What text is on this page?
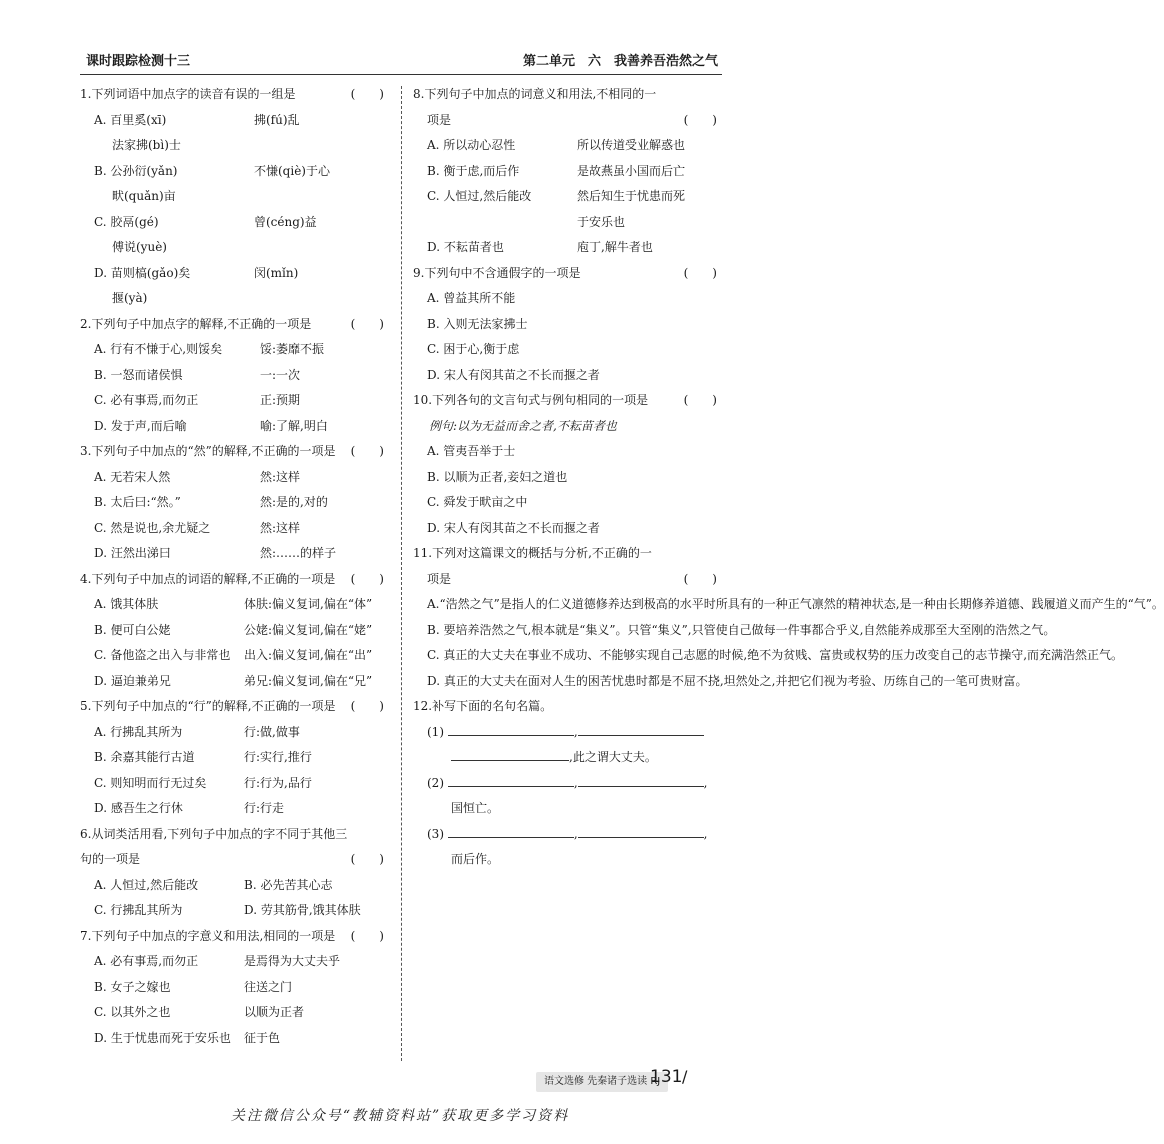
课时跟踪检测十三	第二单元　六　我善养吾浩然之气
1.下列词语中加点字的读音有误的一组是	(　　)
A. 百里奚(xī)	拂(fú)乱
法家拂(bì)士
B. 公孙衍(yǎn)	不慊(qiè)于心
畎(quǎn)亩
C. 胶鬲(gé)	曾(céng)益
傅说(yuè)
D. 苗则槁(gǎo)矣	闵(mǐn)
揠(yà)
2.下列句子中加点字的解释,不正确的一项是	(　　)
A. 行有不慊于心,则馁矣	馁:萎靡不振
B. 一怒而诸侯惧	一:一次
C. 必有事焉,而勿正	正:预期
D. 发于声,而后喻	喻:了解,明白
3.下列句子中加点的“然”的解释,不正确的一项是 (　　)
A. 无若宋人然	然:这样
B. 太后曰:“然。”	然:是的,对的
C. 然是说也,余尤疑之	然:这样
D. 汪然出涕曰	然:……的样子
4.下列句子中加点的词语的解释,不正确的一项是 (　　)
A. 饿其体肤	体肤:偏义复词,偏在“体”
B. 便可白公姥	公姥:偏义复词,偏在“姥”
C. 备他盗之出入与非常也 出入:偏义复词,偏在“出”
D. 逼迫兼弟兄	弟兄:偏义复词,偏在“兄”
5.下列句子中加点的“行”的解释,不正确的一项是 (　　)
A. 行拂乱其所为	行:做,做事
B. 余嘉其能行古道	行:实行,推行
C. 则知明而行无过矣	行:行为,品行
D. 感吾生之行休	行:行走
6.从词类活用看,下列句子中加点的字不同于其他三
句的一项是	(　　)
A. 人恒过,然后能改	B. 必先苦其心志
C. 行拂乱其所为	D. 劳其筋骨,饿其体肤
7.下列句子中加点的字意义和用法,相同的一项是 (　　)
A. 必有事焉,而勿正	是焉得为大丈夫乎
B. 女子之嫁也	往送之门
C. 以其外之也	以顺为正者
D. 生于忧患而死于安乐也 征于色
8.下列句子中加点的词意义和用法,不相同的一
项是	(　　)
A. 所以动心忍性	所以传道受业解惑也
B. 衡于虑,而后作	是故燕虽小国而后亡
C. 人恒过,然后能改	然后知生于忧患而死
于安乐也

D. 不耘苗者也	庖丁,解牛者也
9.下列句中不含通假字的一项是	(　　)
A. 曾益其所不能
B. 入则无法家拂士
C. 困于心,衡于虑
D. 宋人有闵其苗之不长而揠之者
10.下列各句的文言句式与例句相同的一项是	(　　)
例句:以为无益而舍之者,不耘苗者也
A. 管夷吾举于士
B. 以顺为正者,妾妇之道也
C. 舜发于畎亩之中
D. 宋人有闵其苗之不长而揠之者
11.下列对这篇课文的概括与分析,不正确的一
项是	(　　)
A.“浩然之气”是指人的仁义道德修养达到极高的水平时所具有的一种正气凛然的精神状态,是一种由长期修养道德、践履道义而产生的“气”。
B. 要培养浩然之气,根本就是“集义”。只管“集义”,只管使自己做每一件事都合乎义,自然能养成那至大至刚的浩然之气。
C. 真正的大丈夫在事业不成功、不能够实现自己志愿的时候,绝不为贫贱、富贵或权势的压力改变自己的志节操守,而充满浩然正气。
D. 真正的大丈夫在面对人生的困苦忧患时都是不屈不挠,坦然处之,并把它们视为考验、历练自己的一笔可贵财富。
12.补写下面的名句名篇。
(1)	,
,此之谓大丈夫。
(2)	,	,
国恒亡。
(3)	,	,
而后作。
语文选修 先秦诸子选读 RJ
131 /
关注微信公众号“教辅资料站”获取更多学习资料
